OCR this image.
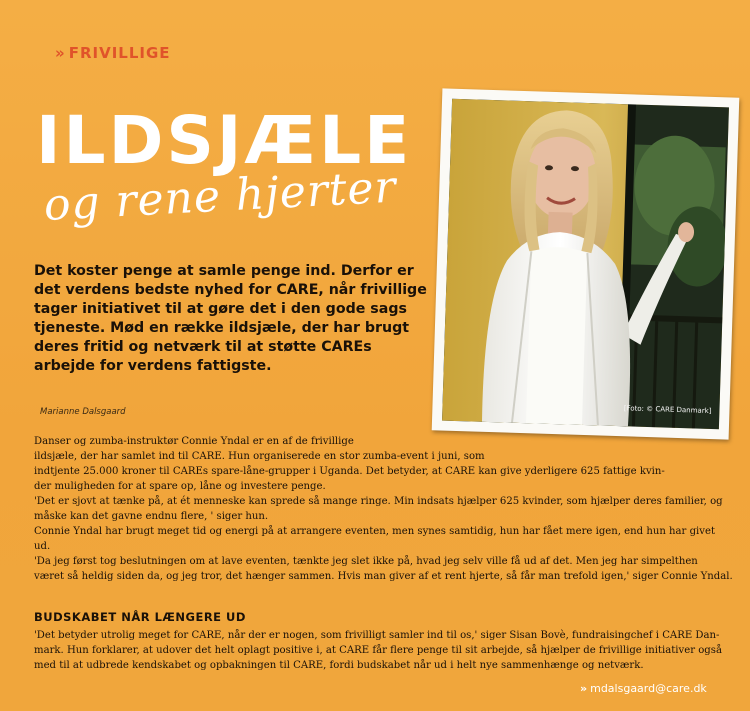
» FRIVILLIGE
ILDSJÆLE
og rene hjerter
Det koster penge at samle penge ind. Derfor er det verdens bedste nyhed for CARE, når frivillige tager initiativet til at gøre det i den gode sags tjeneste. Mød en række ildsjæle, der har brugt deres fritid og netværk til at støtte CAREs arbejde for verdens fattigste.
Marianne Dalsgaard	[Foto: © CARE Danmark]

Danser og zumba-instruktør Connie Yndal er en af de frivillige

ildsjæle, der har samlet ind til CARE. Hun organiserede en stor zumba-event i juni, som

indtjente 25.000 kroner til CAREs spare-låne-grupper i Uganda. Det betyder, at CARE kan give yderligere 625 fattige kvin-

der muligheden for at spare op, låne og investere penge.

'Det er sjovt at tænke på, at ét menneske kan sprede så mange ringe. Min indsats hjælper 625 kvinder, som hjælper deres familier, og

måske kan det gavne endnu flere, ' siger hun.

Connie Yndal har brugt meget tid og energi på at arrangere eventen, men synes samtidig, hun har fået mere igen, end hun har givet

ud.

'Da jeg først tog beslutningen om at lave eventen, tænkte jeg slet ikke på, hvad jeg selv ville få ud af det. Men jeg har simpelthen

været så heldig siden da, og jeg tror, det hænger sammen. Hvis man giver af et rent hjerte, så får man trefold igen,' siger Connie Yndal.

BUDSKABET NÅR LÆNGERE UD

'Det betyder utrolig meget for CARE, når der er nogen, som frivilligt samler ind til os,' siger Sisan Bovè, fundraisingchef i CARE Dan-

mark. Hun forklarer, at udover det helt oplagt positive i, at CARE får flere penge til sit arbejde, så hjælper de frivillige initiativer også

med til at udbrede kendskabet og opbakningen til CARE, fordi budskabet når ud i helt nye sammenhænge og netværk.

» mdalsgaard@care.dk
